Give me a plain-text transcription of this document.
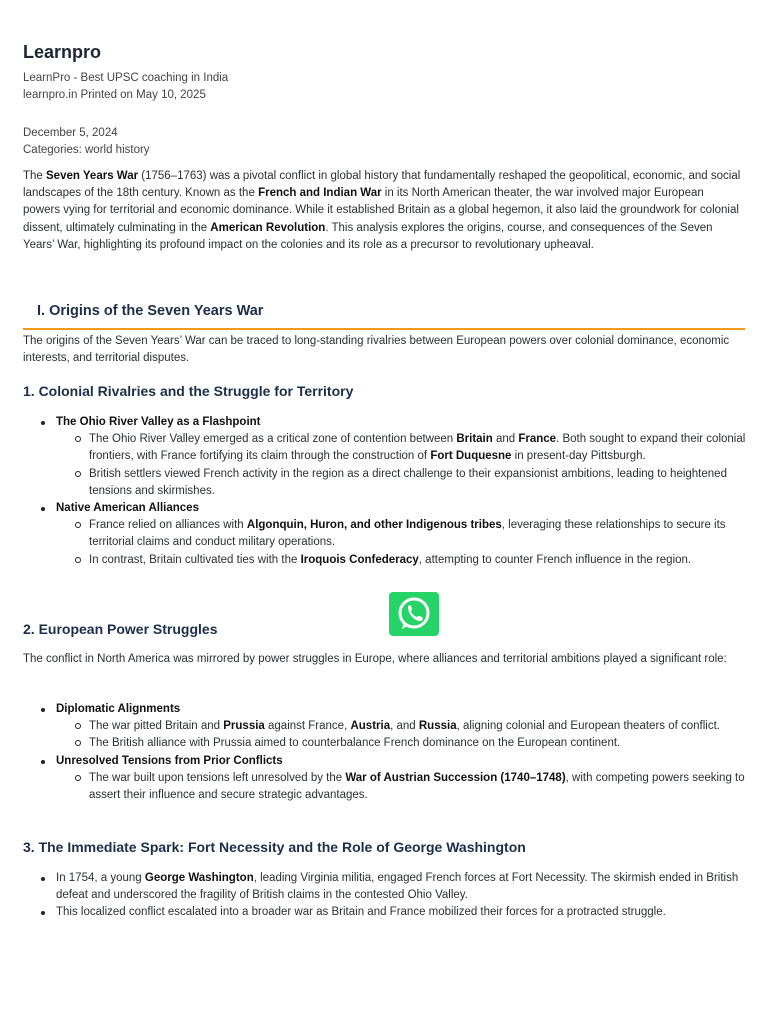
Learnpro
LearnPro - Best UPSC coaching in India
learnpro.in Printed on May 10, 2025
December 5, 2024
Categories: world history

The Seven Years War (1756–1763) was a pivotal conflict in global history that fundamentally reshaped the geopolitical, economic, and social landscapes of the 18th century. Known as the French and Indian War in its North American theater, the war involved major European powers vying for territorial and economic dominance. While it established Britain as a global hegemon, it also laid the groundwork for colonial dissent, ultimately culminating in the American Revolution. This analysis explores the origins, course, and consequences of the Seven Years’ War, highlighting its profound impact on the colonies and its role as a precursor to revolutionary upheaval.

I. Origins of the Seven Years War

The origins of the Seven Years’ War can be traced to long-standing rivalries between European powers over colonial dominance, economic interests, and territorial disputes.

1. Colonial Rivalries and the Struggle for Territory
The Ohio River Valley as a Flashpoint
The Ohio River Valley emerged as a critical zone of contention between Britain and France. Both sought to expand their colonial frontiers, with France fortifying its claim through the construction of Fort Duquesne in present-day Pittsburgh.
British settlers viewed French activity in the region as a direct challenge to their expansionist ambitions, leading to heightened tensions and skirmishes.
Native American Alliances
France relied on alliances with Algonquin, Huron, and other Indigenous tribes, leveraging these relationships to secure its territorial claims and conduct military operations.
In contrast, Britain cultivated ties with the Iroquois Confederacy, attempting to counter French influence in the region.
2. European Power Struggles

The conflict in North America was mirrored by power struggles in Europe, where alliances and territorial ambitions played a significant role:

Diplomatic Alignments
The war pitted Britain and Prussia against France, Austria, and Russia, aligning colonial and European theaters of conflict.
The British alliance with Prussia aimed to counterbalance French dominance on the European continent.
Unresolved Tensions from Prior Conflicts
The war built upon tensions left unresolved by the War of Austrian Succession (1740–1748), with competing powers seeking to assert their influence and secure strategic advantages.
3. The Immediate Spark: Fort Necessity and the Role of George Washington
In 1754, a young George Washington, leading Virginia militia, engaged French forces at Fort Necessity. The skirmish ended in British defeat and underscored the fragility of British claims in the contested Ohio Valley.
This localized conflict escalated into a broader war as Britain and France mobilized their forces for a protracted struggle.
